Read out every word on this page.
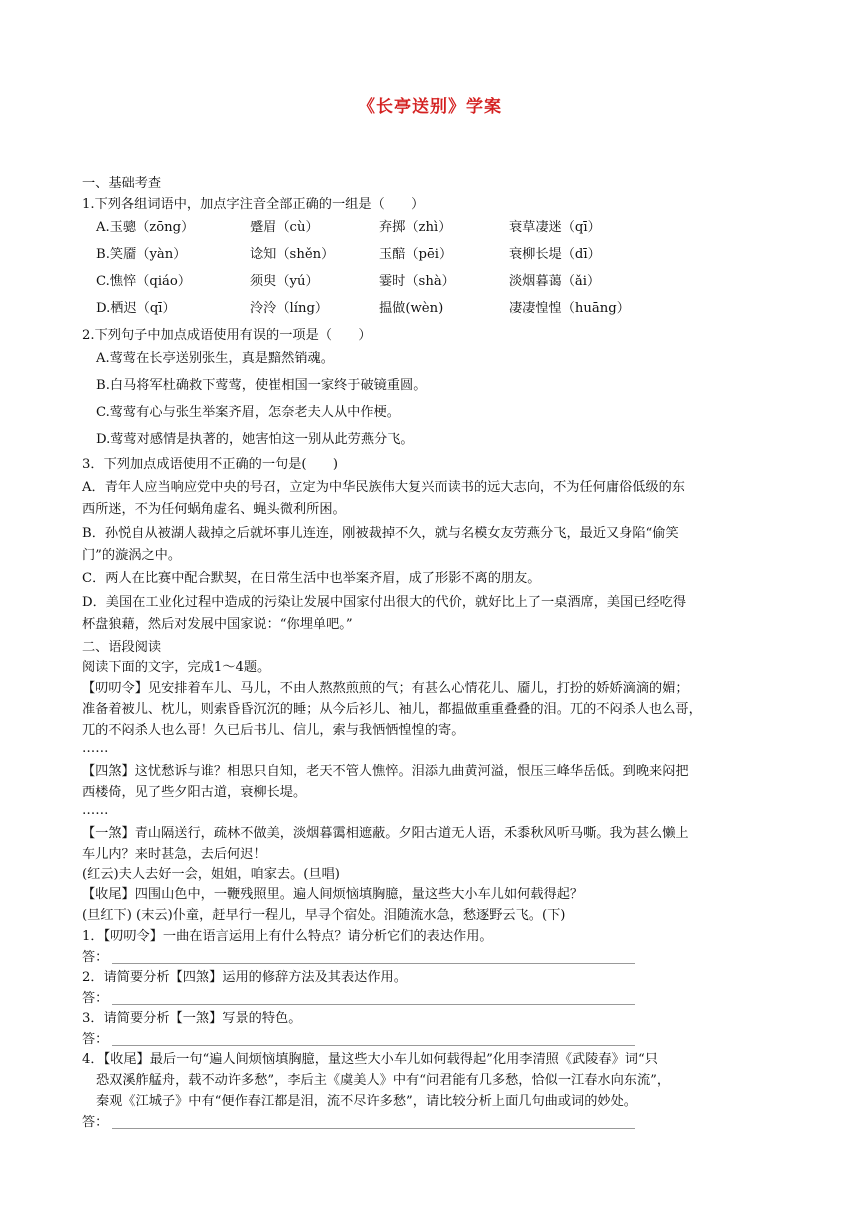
《长亭送别》学案
一、基础考查
1.下列各组词语中，加点字注音全部正确的一组是（　　）
A.玉骢（zōng）	蹙眉（cù）	弃掷（zhì）	衰草凄迷（qī）
B.笑靥（yàn）	谂知（shěn）	玉醅（pēi）	衰柳长堤（dī）
C.憔悴（qiáo）	须臾（yú）	霎时（shà）	淡烟暮蔼（ǎi）
D.栖迟（qī）	泠泠（líng）	揾做(wèn)	凄凄惶惶（huāng）
2.下列句子中加点成语使用有误的一项是（　　）
A.莺莺在长亭送别张生，真是黯然销魂。
B.白马将军杜确救下莺莺，使崔相国一家终于破镜重圆。
C.莺莺有心与张生举案齐眉，怎奈老夫人从中作梗。
D.莺莺对感情是执著的，她害怕这一别从此劳燕分飞。
3．下列加点成语使用不正确的一句是(　　)
A．青年人应当响应党中央的号召，立定为中华民族伟大复兴而读书的远大志向，不为任何庸俗低级的东
西所迷，不为任何蜗角虚名、蝇头微利所困。
B．孙悦自从被湖人裁掉之后就坏事儿连连，刚被裁掉不久，就与名模女友劳燕分飞，最近又身陷“偷笑
门”的漩涡之中。
C．两人在比赛中配合默契，在日常生活中也举案齐眉，成了形影不离的朋友。
D．美国在工业化过程中造成的污染让发展中国家付出很大的代价，就好比上了一桌酒席，美国已经吃得
杯盘狼藉，然后对发展中国家说：“你埋单吧。”
二、语段阅读
阅读下面的文字，完成1～4题。
【叨叨令】见安排着车儿、马儿，不由人熬熬煎煎的气；有甚么心情花儿、靥儿，打扮的娇娇滴滴的媚；
准备着被儿、枕儿，则索昏昏沉沉的睡；从今后衫儿、袖儿，都揾做重重叠叠的泪。兀的不闷杀人也么哥，
兀的不闷杀人也么哥！久已后书儿、信儿，索与我恓恓惶惶的寄。
……
【四煞】这忧愁诉与谁？相思只自知，老天不管人憔悴。泪添九曲黄河溢，恨压三峰华岳低。到晚来闷把
西楼倚，见了些夕阳古道，衰柳长堤。
……
【一煞】青山隔送行，疏林不做美，淡烟暮霭相遮蔽。夕阳古道无人语，禾黍秋风听马嘶。我为甚么懒上
车儿内？来时甚急，去后何迟！
(红云)夫人去好一会，姐姐，咱家去。(旦唱)
【收尾】四围山色中，一鞭残照里。遍人间烦恼填胸臆，量这些大小车儿如何载得起？
(旦红下) (末云)仆童，赶早行一程儿，早寻个宿处。泪随流水急，愁逐野云飞。(下)
1．【叨叨令】一曲在语言运用上有什么特点？请分析它们的表达作用。
答：
2．请简要分析【四煞】运用的修辞方法及其表达作用。
答：
3．请简要分析【一煞】写景的特色。
答：
4．【收尾】最后一句“遍人间烦恼填胸臆，量这些大小车儿如何载得起”化用李清照《武陵春》词“只
恐双溪舴艋舟，载不动许多愁”，李后主《虞美人》中有“问君能有几多愁，恰似一江春水向东流”，
秦观《江城子》中有“便作春江都是泪，流不尽许多愁”，请比较分析上面几句曲或词的妙处。
答：
